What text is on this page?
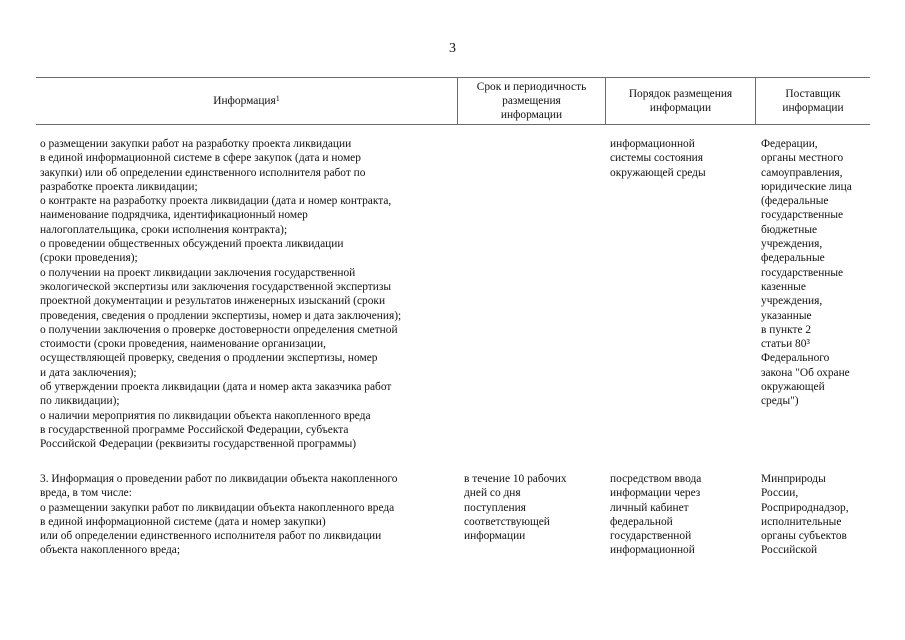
3
Информация$^1$
Срок и периодичность
размещения
информации
Порядок размещения
информации
Поставщик
информации
о размещении закупки работ на разработку проекта ликвидации
в единой информационной системе в сфере закупок (дата и номер
закупки) или об определении единственного исполнителя работ по
разработке проекта ликвидации;
о контракте на разработку проекта ликвидации (дата и номер контракта,
наименование подрядчика, идентификационный номер
налогоплательщика, сроки исполнения контракта);
о проведении общественных обсуждений проекта ликвидации
(сроки проведения);
о получении на проект ликвидации заключения государственной
экологической экспертизы или заключения государственной экспертизы
проектной документации и результатов инженерных изысканий (сроки
проведения, сведения о продлении экспертизы, номер и дата заключения);
о получении заключения о проверке достоверности определения сметной
стоимости (сроки проведения, наименование организации,
осуществляющей проверку, сведения о продлении экспертизы, номер
и дата заключения);
об утверждении проекта ликвидации (дата и номер акта заказчика работ
по ликвидации);
о наличии мероприятия по ликвидации объекта накопленного вреда
в государственной программе Российской Федерации, субъекта
Российской Федерации (реквизиты государственной программы)
информационной
системы состояния
окружающей среды
Федерации,
органы местного
самоуправления,
юридические лица
(федеральные
государственные
бюджетные
учреждения,
федеральные
государственные
казенные
учреждения,
указанные
в пункте 2
статьи 80³
Федерального
закона "Об охране
окружающей
среды")
3. Информация о проведении работ по ликвидации объекта накопленного
вреда, в том числе:
о размещении закупки работ по ликвидации объекта накопленного вреда
в единой информационной системе (дата и номер закупки)
или об определении единственного исполнителя работ по ликвидации
объекта накопленного вреда;
в течение 10 рабочих
дней со дня
поступления
соответствующей
информации
посредством ввода
информации через
личный кабинет
федеральной
государственной
информационной
Минприроды
России,
Росприроднадзор,
исполнительные
органы субъектов
Российской
